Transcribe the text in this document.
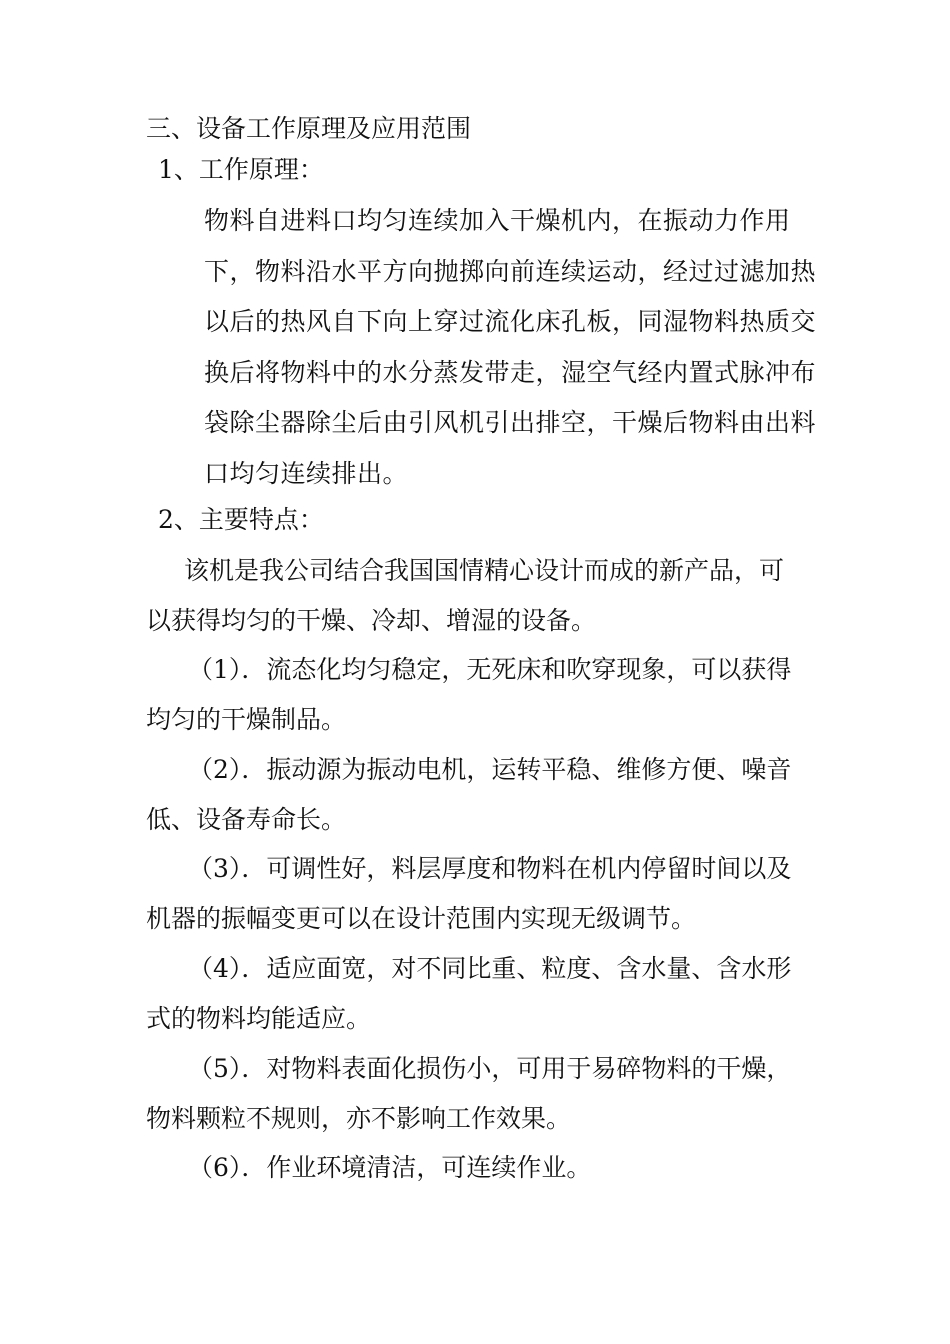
三、设备工作原理及应用范围
1、工作原理：
物料自进料口均匀连续加入干燥机内，在振动力作用
下，物料沿水平方向抛掷向前连续运动，经过过滤加热
以后的热风自下向上穿过流化床孔板，同湿物料热质交
换后将物料中的水分蒸发带走，湿空气经内置式脉冲布
袋除尘器除尘后由引风机引出排空，干燥后物料由出料
口均匀连续排出。
2、主要特点：
该机是我公司结合我国国情精心设计而成的新产品，可
以获得均匀的干燥、冷却、增湿的设备。
（1）．流态化均匀稳定，无死床和吹穿现象，可以获得
均匀的干燥制品。
（2）．振动源为振动电机，运转平稳、维修方便、噪音
低、设备寿命长。
（3）．可调性好，料层厚度和物料在机内停留时间以及
机器的振幅变更可以在设计范围内实现无级调节。
（4）．适应面宽，对不同比重、粒度、含水量、含水形
式的物料均能适应。
（5）．对物料表面化损伤小，可用于易碎物料的干燥，
物料颗粒不规则，亦不影响工作效果。
（6）．作业环境清洁，可连续作业。
